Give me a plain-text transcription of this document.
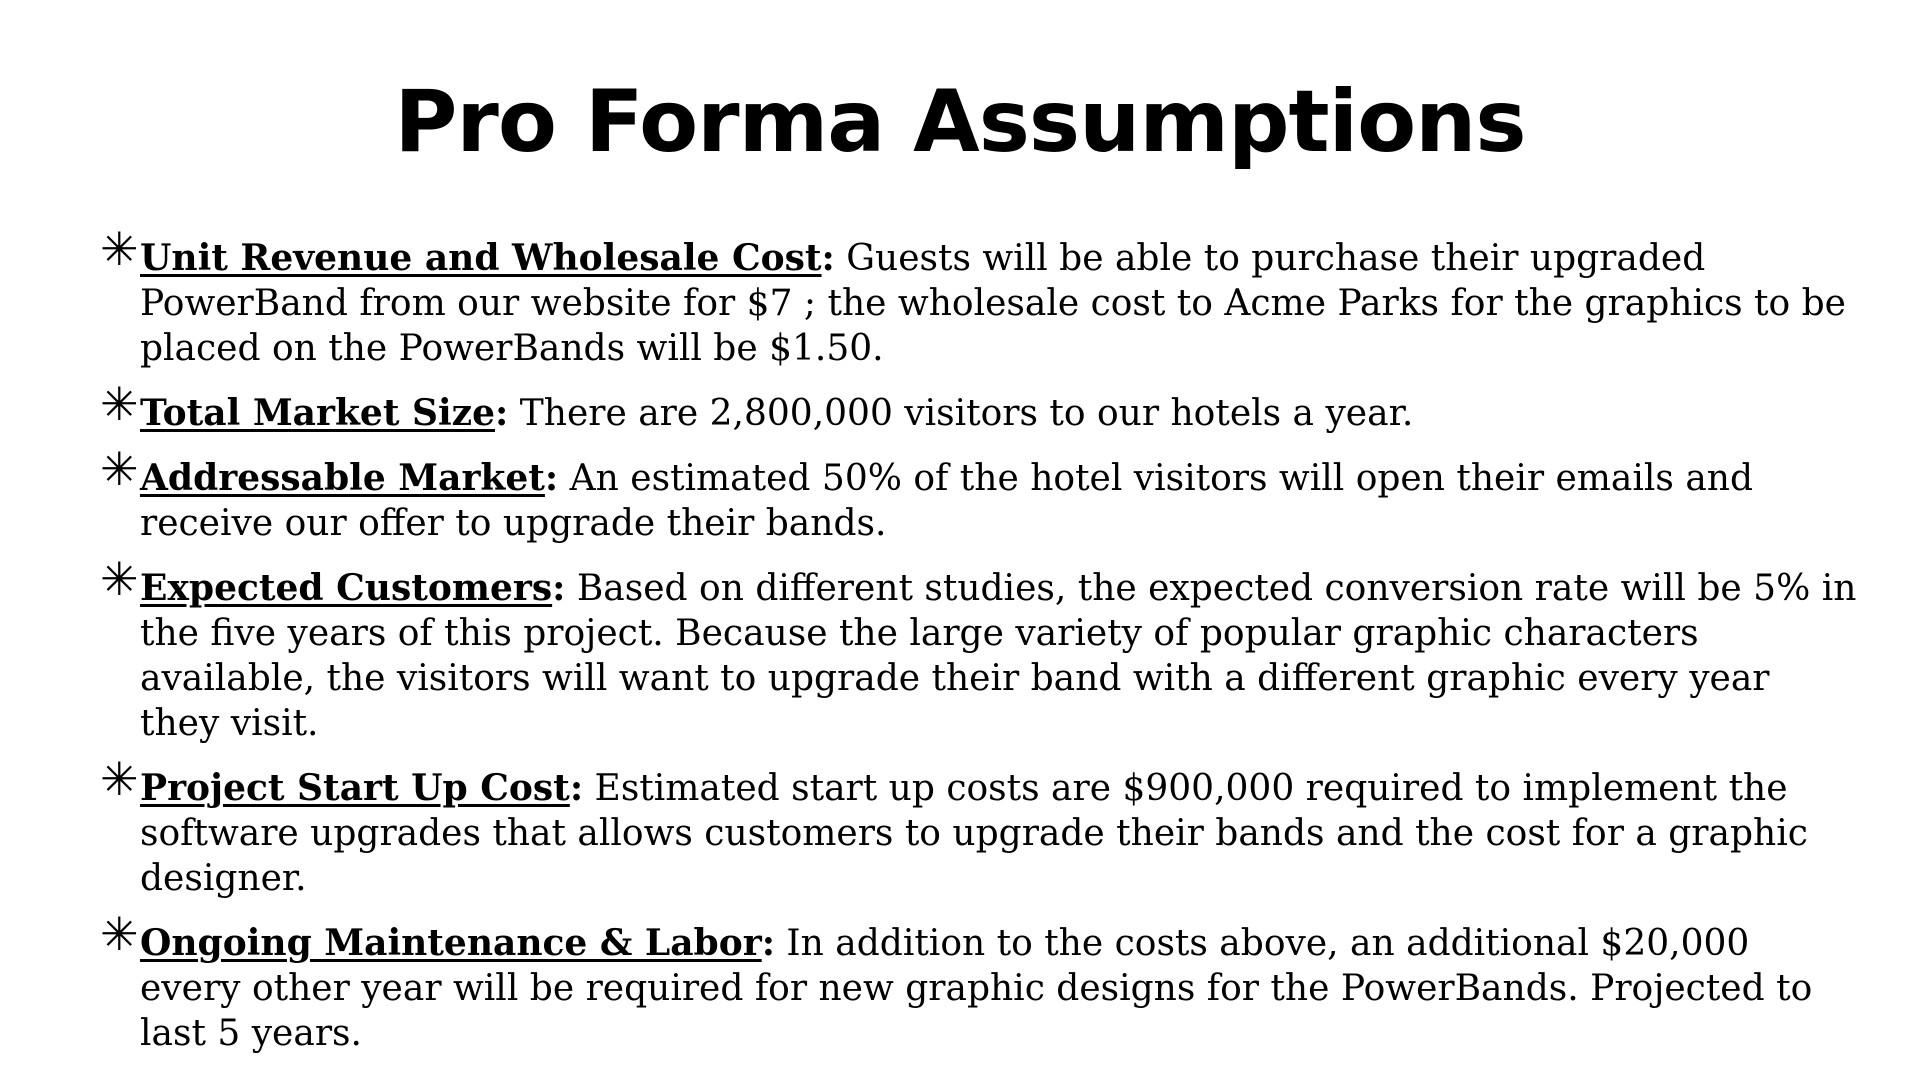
Pro Forma Assumptions
✳ Unit Revenue and Wholesale Cost: Guests will be able to purchase their upgraded PowerBand from our website for $7 ; the wholesale cost to Acme Parks for the graphics to be placed on the PowerBands will be $1.50.
✳ Total Market Size: There are 2,800,000 visitors to our hotels a year.
✳ Addressable Market: An estimated 50% of the hotel visitors will open their emails and receive our offer to upgrade their bands.
✳ Expected Customers: Based on different studies, the expected conversion rate will be 5% in the five years of this project. Because the large variety of popular graphic characters available, the visitors will want to upgrade their band with a different graphic every year they visit.
✳ Project Start Up Cost: Estimated start up costs are $900,000 required to implement the software upgrades that allows customers to upgrade their bands and the cost for a graphic designer.
✳ Ongoing Maintenance & Labor: In addition to the costs above, an additional $20,000 every other year will be required for new graphic designs for the PowerBands. Projected to last 5 years.
